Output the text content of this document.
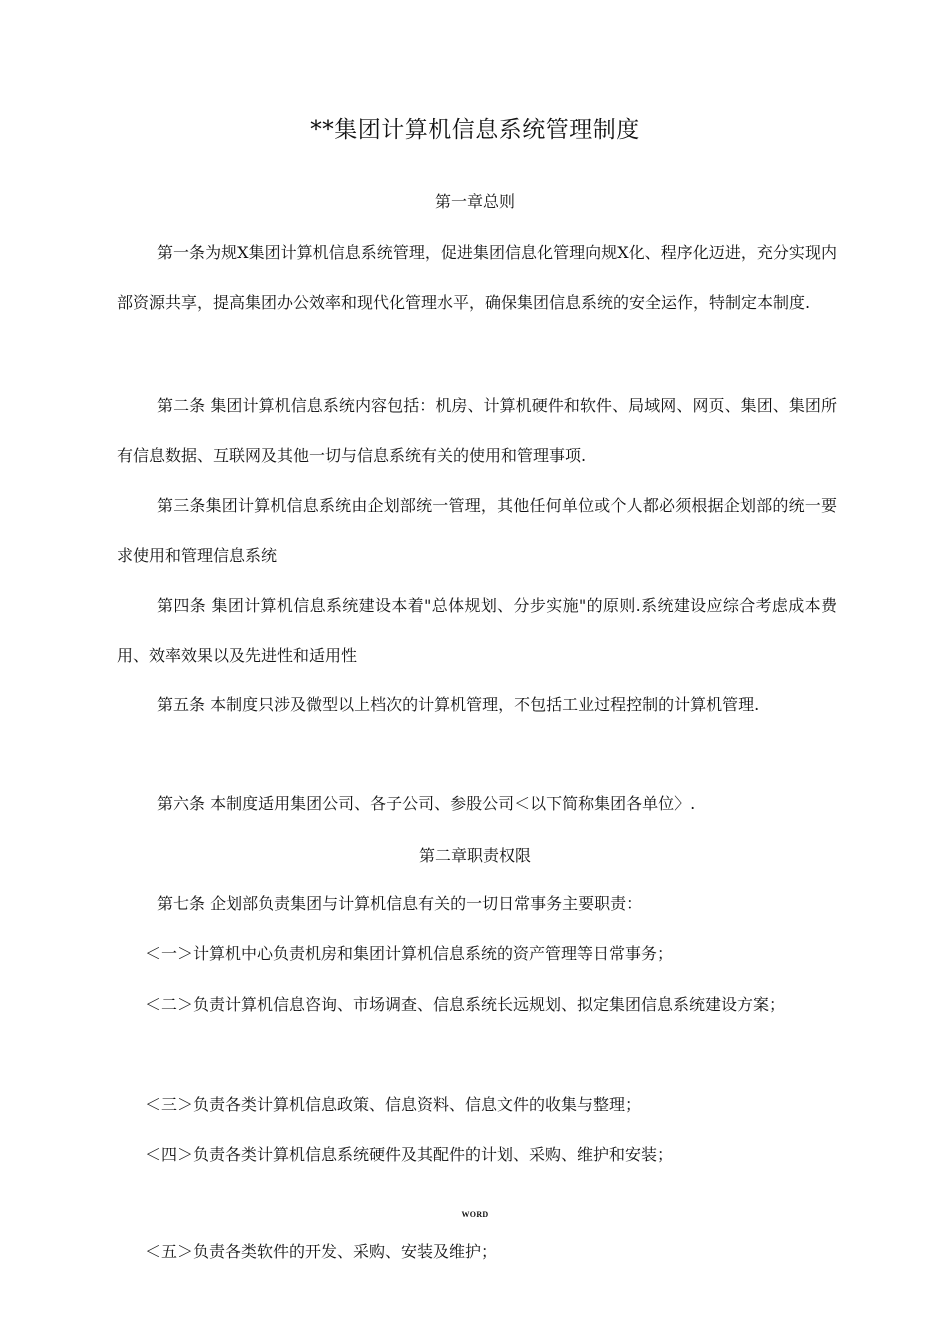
**集团计算机信息系统管理制度
第一章总则

第一条为规X集团计算机信息系统管理，促进集团信息化管理向规X化、程序化迈进，充分实现内部资源共享，提高集团办公效率和现代化管理水平，确保集团信息系统的安全运作，特制定本制度.

第二条 集团计算机信息系统内容包括：机房、计算机硬件和软件、局域网、网页、集团、集团所有信息数据、互联网及其他一切与信息系统有关的使用和管理事项.

第三条集团计算机信息系统由企划部统一管理，其他任何单位或个人都必须根据企划部的统一要求使用和管理信息系统

第四条 集团计算机信息系统建设本着"总体规划、分步实施"的原则.系统建设应综合考虑成本费用、效率效果以及先进性和适用性

第五条 本制度只涉及微型以上档次的计算机管理，不包括工业过程控制的计算机管理.

第六条 本制度适用集团公司、各子公司、参股公司＜以下简称集团各单位〉.

第二章职责权限

第七条 企划部负责集团与计算机信息有关的一切日常事务主要职责：

＜一＞计算机中心负责机房和集团计算机信息系统的资产管理等日常事务；

＜二＞负责计算机信息咨询、市场调查、信息系统长远规划、拟定集团信息系统建设方案；

＜三＞负责各类计算机信息政策、信息资料、信息文件的收集与整理；

＜四＞负责各类计算机信息系统硬件及其配件的计划、采购、维护和安装；

WORD

＜五＞负责各类软件的开发、采购、安装及维护；
